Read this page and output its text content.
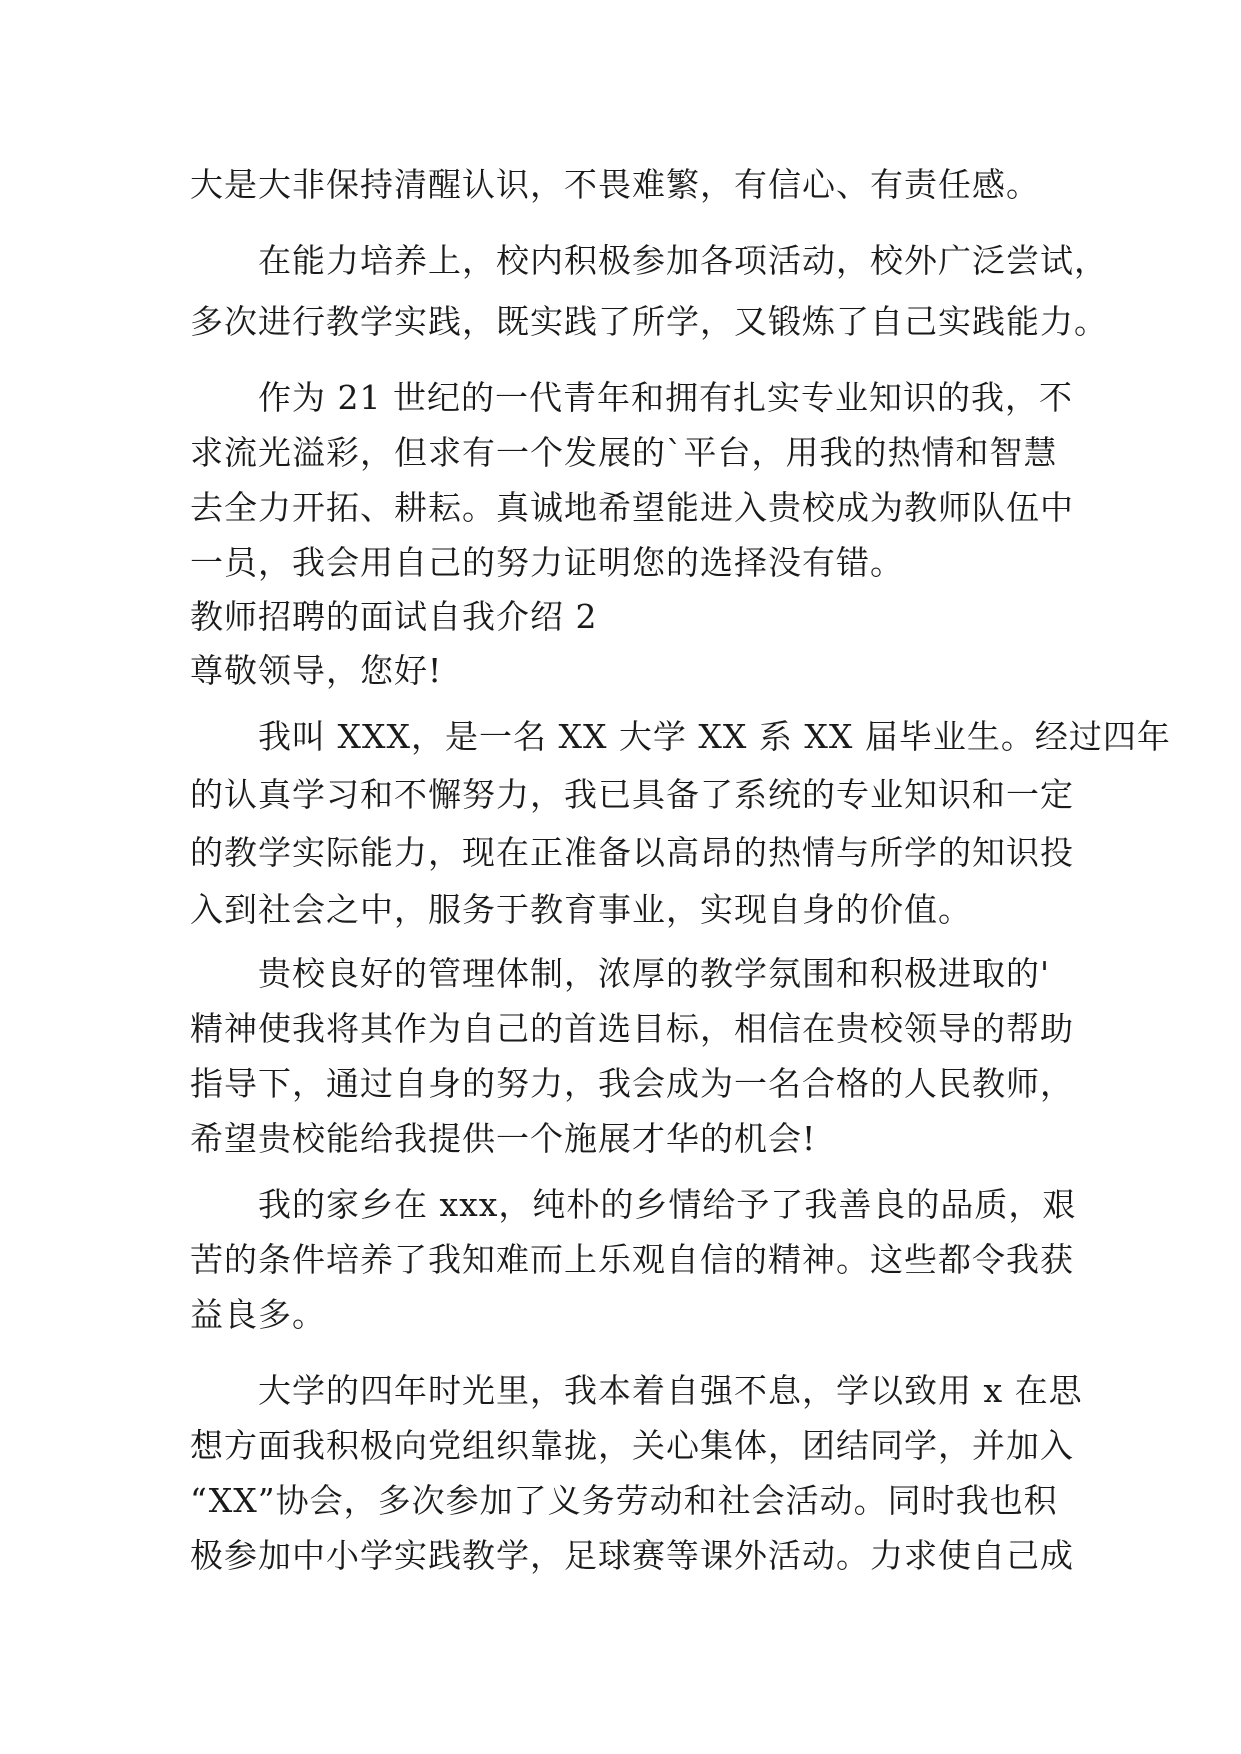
大是大非保持清醒认识，不畏难繁，有信心、有责任感。
在能力培养上，校内积极参加各项活动，校外广泛尝试，
多次进行教学实践，既实践了所学，又锻炼了自己实践能力。
作为 21 世纪的一代青年和拥有扎实专业知识的我，不
求流光溢彩，但求有一个发展的`平台，用我的热情和智慧
去全力开拓、耕耘。真诚地希望能进入贵校成为教师队伍中
一员，我会用自己的努力证明您的选择没有错。
教师招聘的面试自我介绍 2
尊敬领导，您好!
我叫 XXX，是一名 XX 大学 XX 系 XX 届毕业生。经过四年
的认真学习和不懈努力，我已具备了系统的专业知识和一定
的教学实际能力，现在正准备以高昂的热情与所学的知识投
入到社会之中，服务于教育事业，实现自身的价值。
贵校良好的管理体制，浓厚的教学氛围和积极进取的'
精神使我将其作为自己的首选目标，相信在贵校领导的帮助
指导下，通过自身的努力，我会成为一名合格的人民教师，
希望贵校能给我提供一个施展才华的机会!
我的家乡在 xxx，纯朴的乡情给予了我善良的品质，艰
苦的条件培养了我知难而上乐观自信的精神。这些都令我获
益良多。
大学的四年时光里，我本着自强不息，学以致用 x 在思
想方面我积极向党组织靠拢，关心集体，团结同学，并加入
“XX”协会，多次参加了义务劳动和社会活动。同时我也积
极参加中小学实践教学，足球赛等课外活动。力求使自己成
